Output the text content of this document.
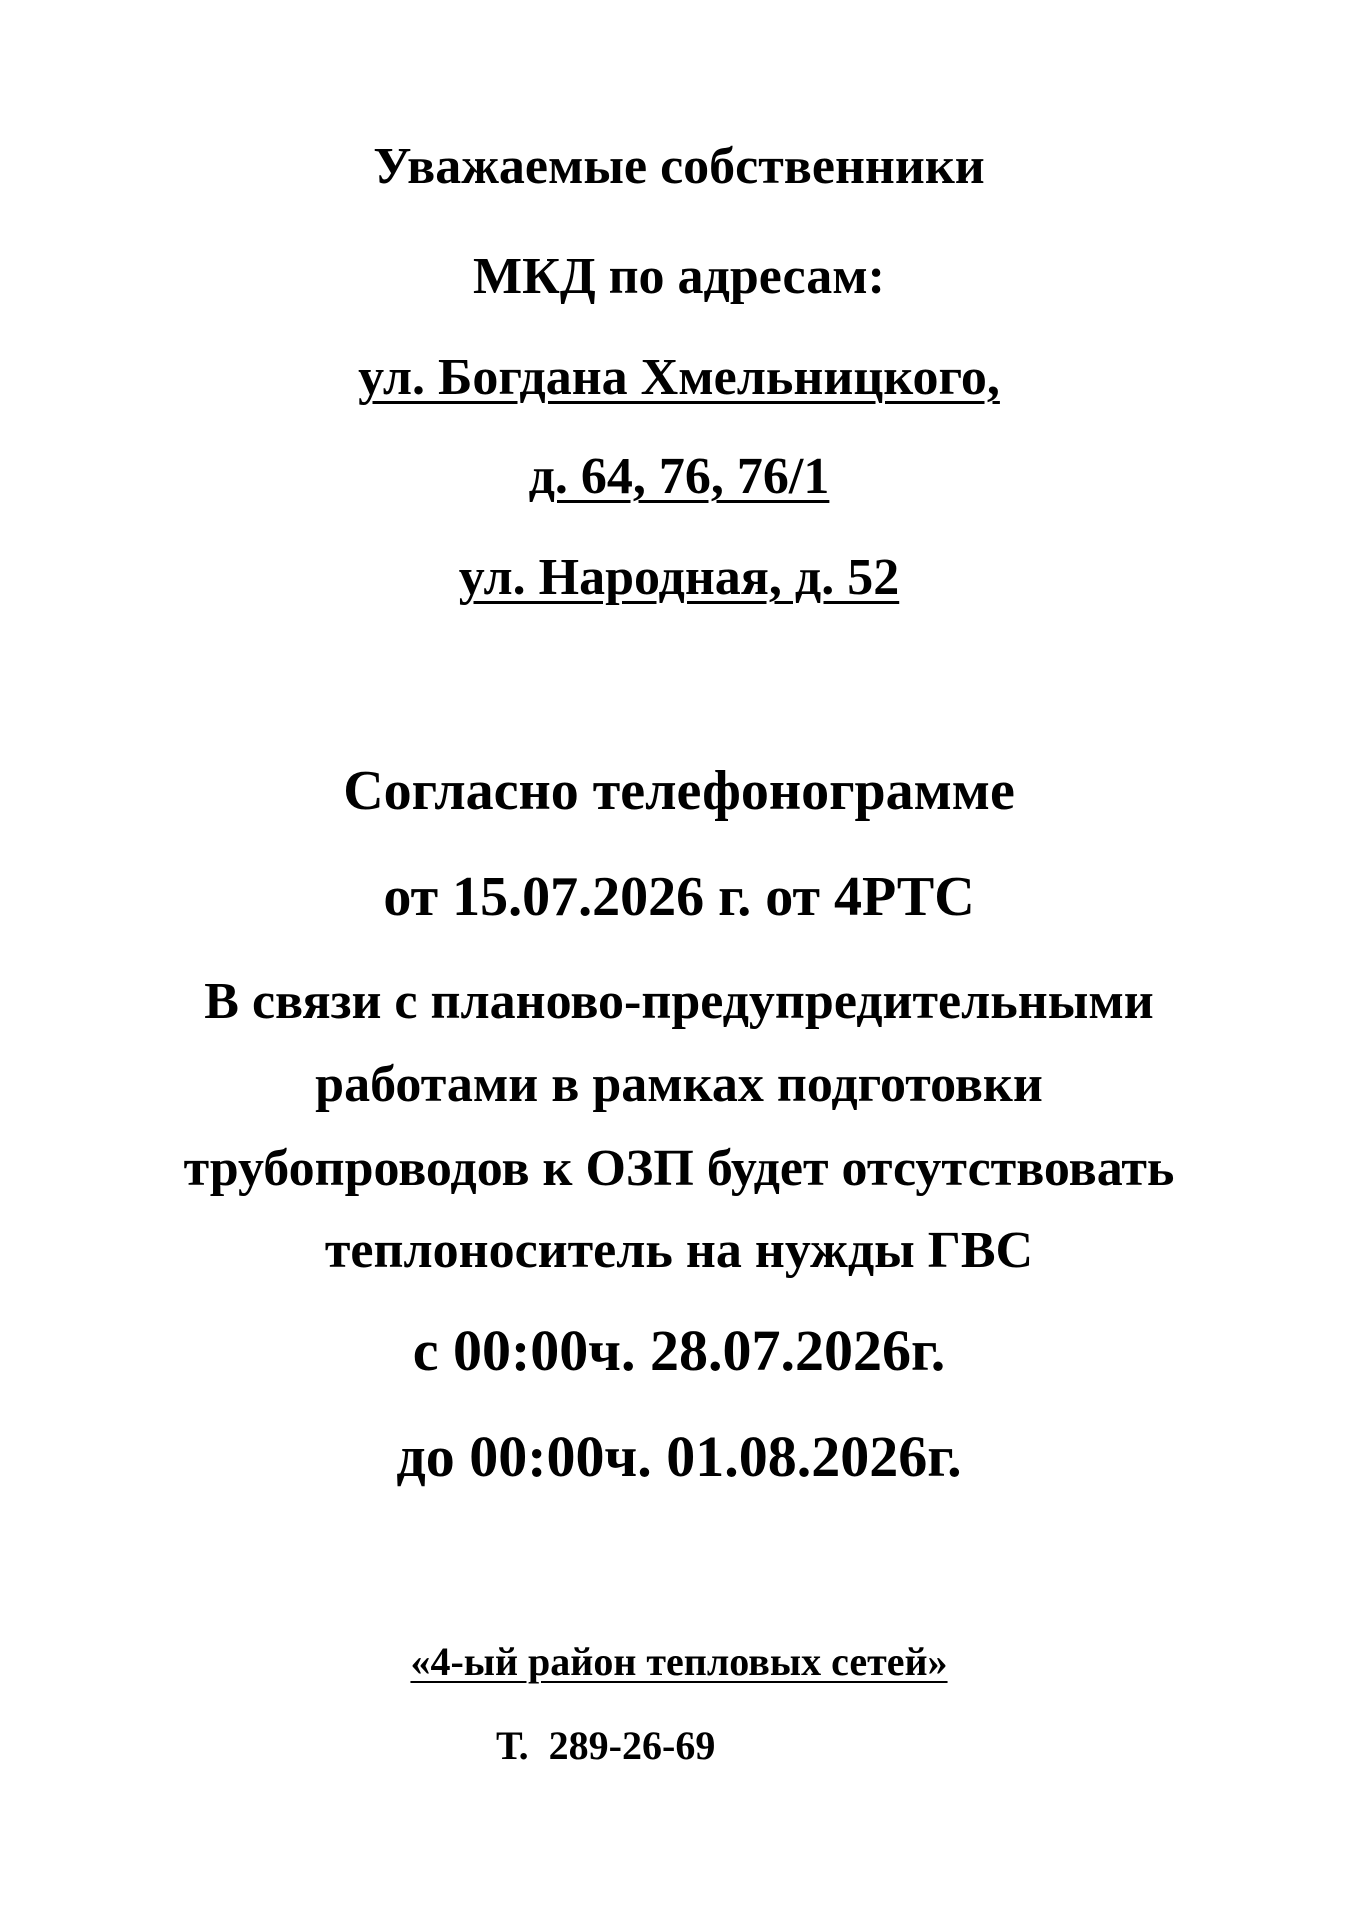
Уважаемые собственники
МКД по адресам:
ул. Богдана Хмельницкого,
д. 64, 76, 76/1
ул. Народная, д. 52
Согласно телефонограмме
от 15.07.2026 г. от 4РТС
В связи с планово-предупредительными
работами в рамках подготовки
трубопроводов к ОЗП будет отсутствовать
теплоноситель на нужды ГВС
с 00:00ч. 28.07.2026г.
до 00:00ч. 01.08.2026г.
«4-ый район тепловых сетей»
Т.  289-26-69
